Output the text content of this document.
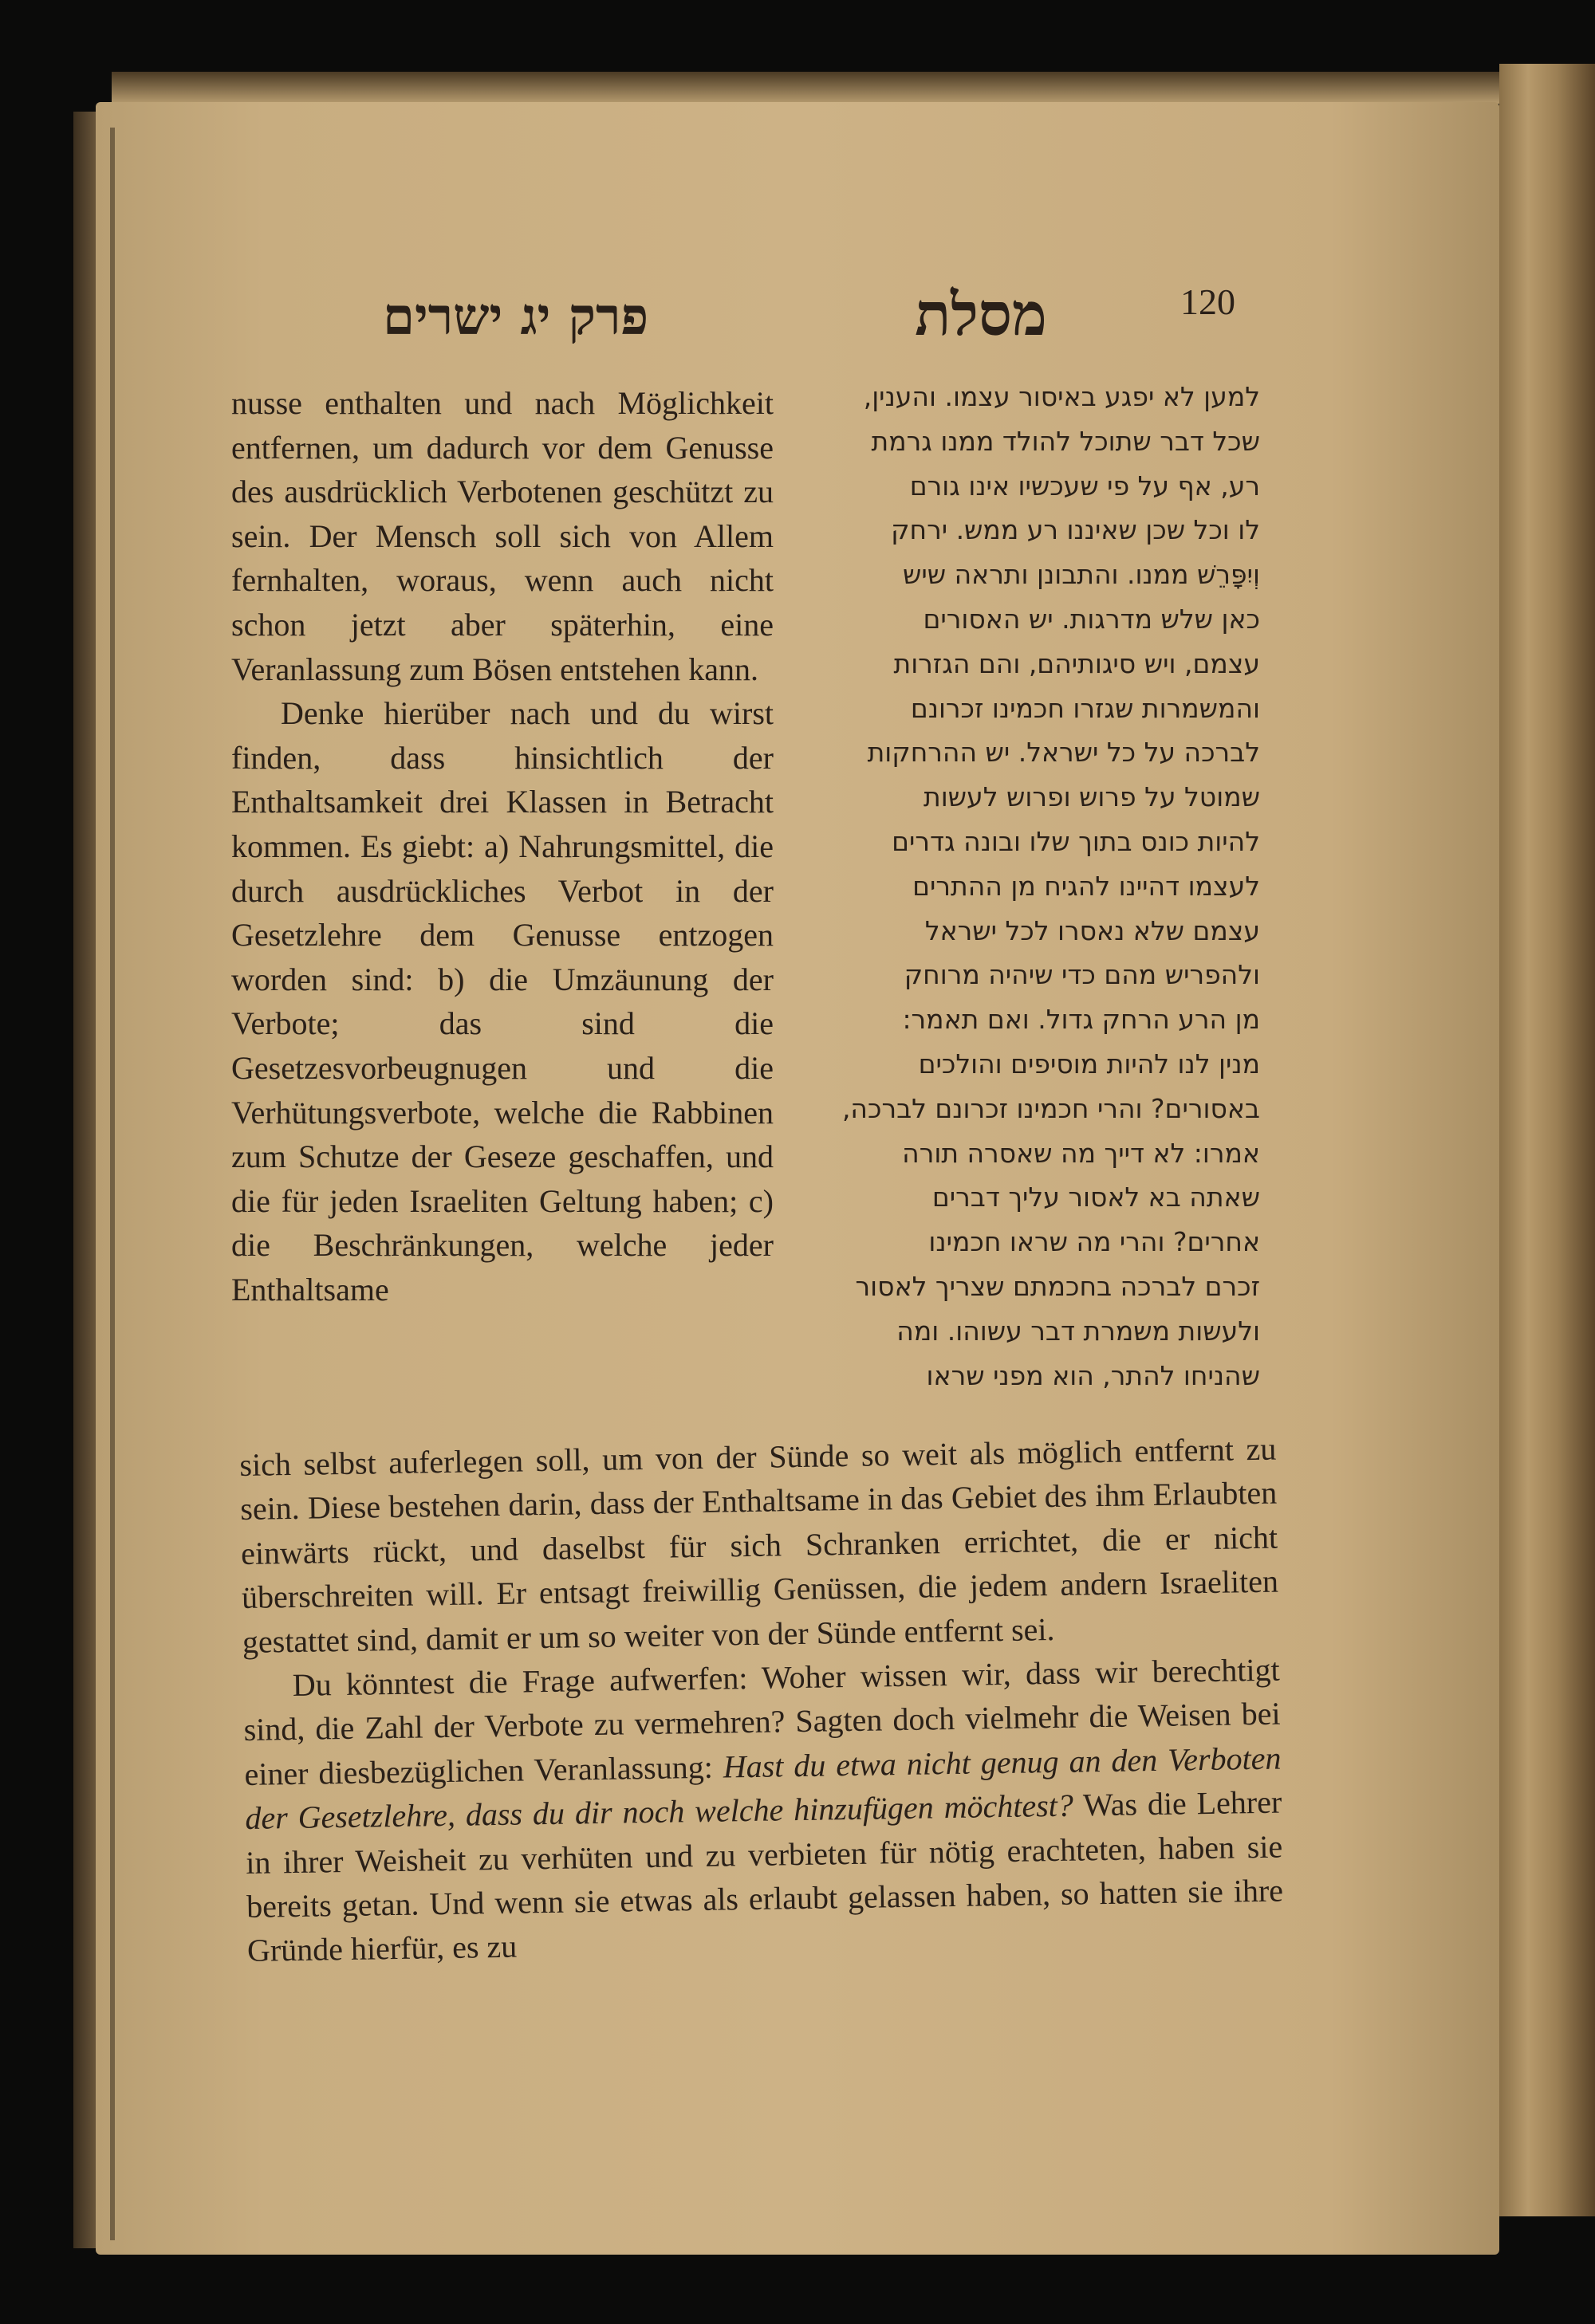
פרק יג ישרים	מסלת	120

nusse enthalten und nach Möglichkeit entfernen, um dadurch vor dem Genusse des ausdrücklich Verbotenen geschützt zu sein. Der Mensch soll sich von Allem fernhalten, woraus, wenn auch nicht schon jetzt aber späterhin, eine Veranlassung zum Bösen entstehen kann.

Denke hierüber nach und du wirst finden, dass hinsichtlich der Enthaltsamkeit drei Klassen in Betracht kommen. Es giebt: a) Nahrungsmittel, die durch ausdrückliches Verbot in der Gesetzlehre dem Genusse entzogen worden sind: b) die Umzäunung der Verbote; das sind die Gesetzesvorbeugnugen und die Verhütungsverbote, welche die Rabbinen zum Schutze der Geseze geschaffen, und die für jeden Israeliten Geltung haben; c) die Beschränkungen, welche jeder Enthaltsame

למען לא יפגע באיסור עצמו. והענין,

שכל דבר שתוכל להולד ממנו גרמת

רע, אף על פי שעכשיו אינו גורם

לו וכל שכן שאיננו רע ממש. ירחק

וְיִפָּרֵשׁ ממנו. והתבונן ותראה שיש

כאן שלש מדרגות. יש האסורים

עצמם, ויש סיגותיהם, והם הגזרות

והמשמרות שגזרו חכמינו זכרונם

לברכה על כל ישראל. יש ההרחקות

שמוטל על פרוש ופרוש לעשות

להיות כונס בתוך שלו ובונה גדרים

לעצמו דהיינו להגיח מן ההתרים

עצמם שלא נאסרו לכל ישראל

ולהפריש מהם כדי שיהיה מרוחק

מן הרע הרחק גדול. ואם תאמר:

מנין לנו להיות מוסיפים והולכים

באסורים? והרי חכמינו זכרונם לברכה,

אמרו: לא דייך מה שאסרה תורה

שאתה בא לאסור עליך דברים

אחרים? והרי מה שראו חכמינו

זכרם לברכה בחכמתם שצריך לאסור

ולעשות משמרת דבר עשוהו. ומה

שהניחו להתר, הוא מפני שראו

sich selbst auferlegen soll, um von der Sünde so weit als möglich entfernt zu sein. Diese bestehen darin, dass der Enthaltsame in das Gebiet des ihm Erlaubten einwärts rückt, und daselbst für sich Schranken errichtet, die er nicht überschreiten will. Er entsagt freiwillig Genüssen, die jedem andern Israeliten gestattet sind, damit er um so weiter von der Sünde entfernt sei.

Du könntest die Frage aufwerfen: Woher wissen wir, dass wir berechtigt sind, die Zahl der Verbote zu vermehren? Sagten doch vielmehr die Weisen bei einer diesbezüglichen Veranlassung: Hast du etwa nicht genug an den Verboten der Gesetzlehre, dass du dir noch welche hinzufügen möchtest? Was die Lehrer in ihrer Weisheit zu verhüten und zu verbieten für nötig erachteten, haben sie bereits getan. Und wenn sie etwas als erlaubt gelassen haben, so hatten sie ihre Gründe hierfür, es zu
